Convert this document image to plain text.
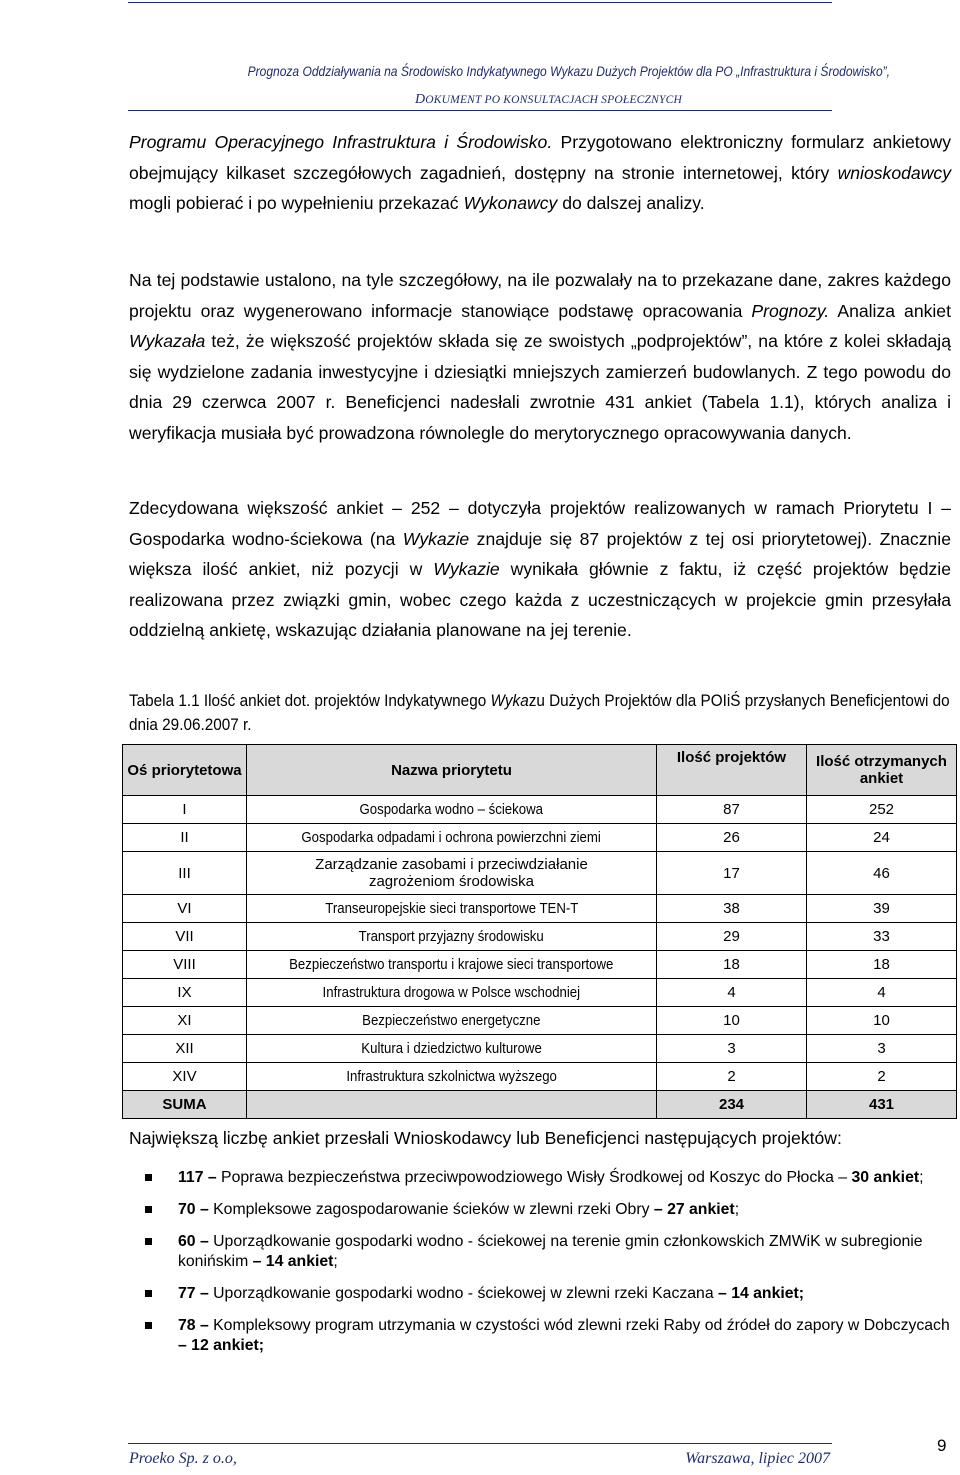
Prognoza Oddziaływania na Środowisko Indykatywnego Wykazu Dużych Projektów dla PO „Infrastruktura i Środowisko”,
DOKUMENT PO KONSULTACJACH SPOŁECZNYCH

Programu Operacyjnego Infrastruktura i Środowisko. Przygotowano elektroniczny formularz ankietowy obejmujący kilkaset szczegółowych zagadnień, dostępny na stronie internetowej, który wnioskodawcy mogli pobierać i po wypełnieniu przekazać Wykonawcy do dalszej analizy.

Na tej podstawie ustalono, na tyle szczegółowy, na ile pozwalały na to przekazane dane, zakres każdego projektu oraz wygenerowano informacje stanowiące podstawę opracowania Prognozy. Analiza ankiet Wykazała też, że większość projektów składa się ze swoistych „podprojektów”, na które z kolei składają się wydzielone zadania inwestycyjne i dziesiątki mniejszych zamierzeń budowlanych. Z tego powodu do dnia 29 czerwca 2007 r. Beneficjenci nadesłali zwrotnie 431 ankiet (Tabela 1.1), których analiza i weryfikacja musiała być prowadzona równolegle do merytorycznego opracowywania danych.

Zdecydowana większość ankiet – 252 – dotyczyła projektów realizowanych w ramach Priorytetu I – Gospodarka wodno-ściekowa (na Wykazie znajduje się 87 projektów z tej osi priorytetowej). Znacznie większa ilość ankiet, niż pozycji w Wykazie wynikała głównie z faktu, iż część projektów będzie realizowana przez związki gmin, wobec czego każda z uczestniczących w projekcie gmin przesyłała oddzielną ankietę, wskazując działania planowane na jej terenie.

Tabela 1.1 Ilość ankiet dot. projektów Indykatywnego Wykazu Dużych Projektów dla POIiŚ przysłanych Beneficjentowi do dnia 29.06.2007 r.

Oś priorytetowa	Nazwa priorytetu	Ilość projektów	Ilość otrzymanych ankiet
I	Gospodarka wodno – ściekowa	87	252
II	Gospodarka odpadami i ochrona powierzchni ziemi	26	24
III	Zarządzanie zasobami i przeciwdziałanie zagrożeniom środowiska	17	46
VI	Transeuropejskie sieci transportowe TEN-T	38	39
VII	Transport przyjazny środowisku	29	33
VIII	Bezpieczeństwo transportu i krajowe sieci transportowe	18	18
IX	Infrastruktura drogowa w Polsce wschodniej	4	4
XI	Bezpieczeństwo energetyczne	10	10
XII	Kultura i dziedzictwo kulturowe	3	3
XIV	Infrastruktura szkolnictwa wyższego	2	2
SUMA		234	431

Największą liczbę ankiet przesłali Wnioskodawcy lub Beneficjenci następujących projektów:

117 – Poprawa bezpieczeństwa przeciwpowodziowego Wisły Środkowej od Koszyc do Płocka – 30 ankiet;
70 – Kompleksowe zagospodarowanie ścieków w zlewni rzeki Obry – 27 ankiet;
60 – Uporządkowanie gospodarki wodno - ściekowej na terenie gmin członkowskich ZMWiK w subregionie konińskim – 14 ankiet;
77 – Uporządkowanie gospodarki wodno - ściekowej w zlewni rzeki Kaczana – 14 ankiet;
78 – Kompleksowy program utrzymania w czystości wód zlewni rzeki Raby od źródeł do zapory w Dobczycach – 12 ankiet;
Proeko Sp. z o.o,	Warszawa, lipiec 2007
9
